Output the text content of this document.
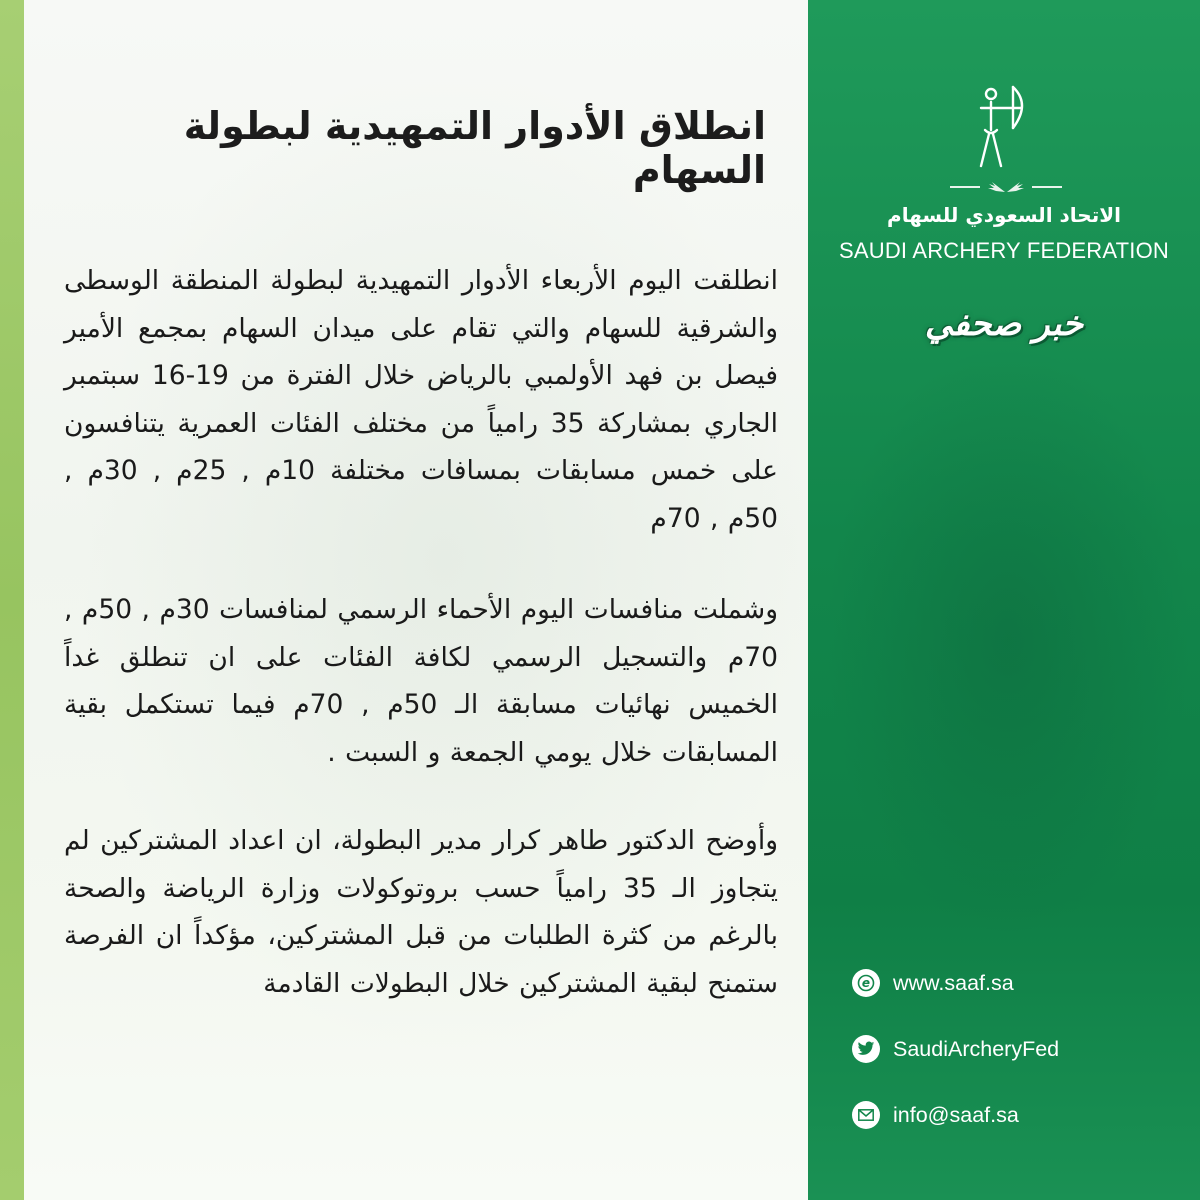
انطلاق الأدوار التمهيدية لبطولة السهام

انطلقت اليوم الأربعاء الأدوار التمهيدية لبطولة المنطقة الوسطى والشرقية للسهام والتي تقام على ميدان السهام بمجمع الأمير فيصل بن فهد الأولمبي بالرياض خلال الفترة من 19-16 سبتمبر الجاري بمشاركة 35 رامياً من مختلف الفئات العمرية يتنافسون على خمس مسابقات بمسافات مختلفة 10م , 25م , 30م , 50م , 70م

وشملت منافسات اليوم الأحماء الرسمي لمنافسات 30م , 50م , 70م والتسجيل الرسمي لكافة الفئات على ان تنطلق غداً الخميس نهائيات مسابقة الـ 50م , 70م فيما تستكمل بقية المسابقات خلال يومي الجمعة و السبت .

وأوضح الدكتور طاهر كرار مدير البطولة، ان اعداد المشتركين لم يتجاوز الـ 35 رامياً حسب بروتوكولات وزارة الرياضة والصحة بالرغم من كثرة الطلبات من قبل المشتركين، مؤكداً ان الفرصة ستمنح لبقية المشتركين خلال البطولات القادمة

الاتحاد السعودي للسهام

SAUDI ARCHERY FEDERATION

خبر صحفي

e www.saaf.sa
SaudiArcheryFed
info@saaf.sa
